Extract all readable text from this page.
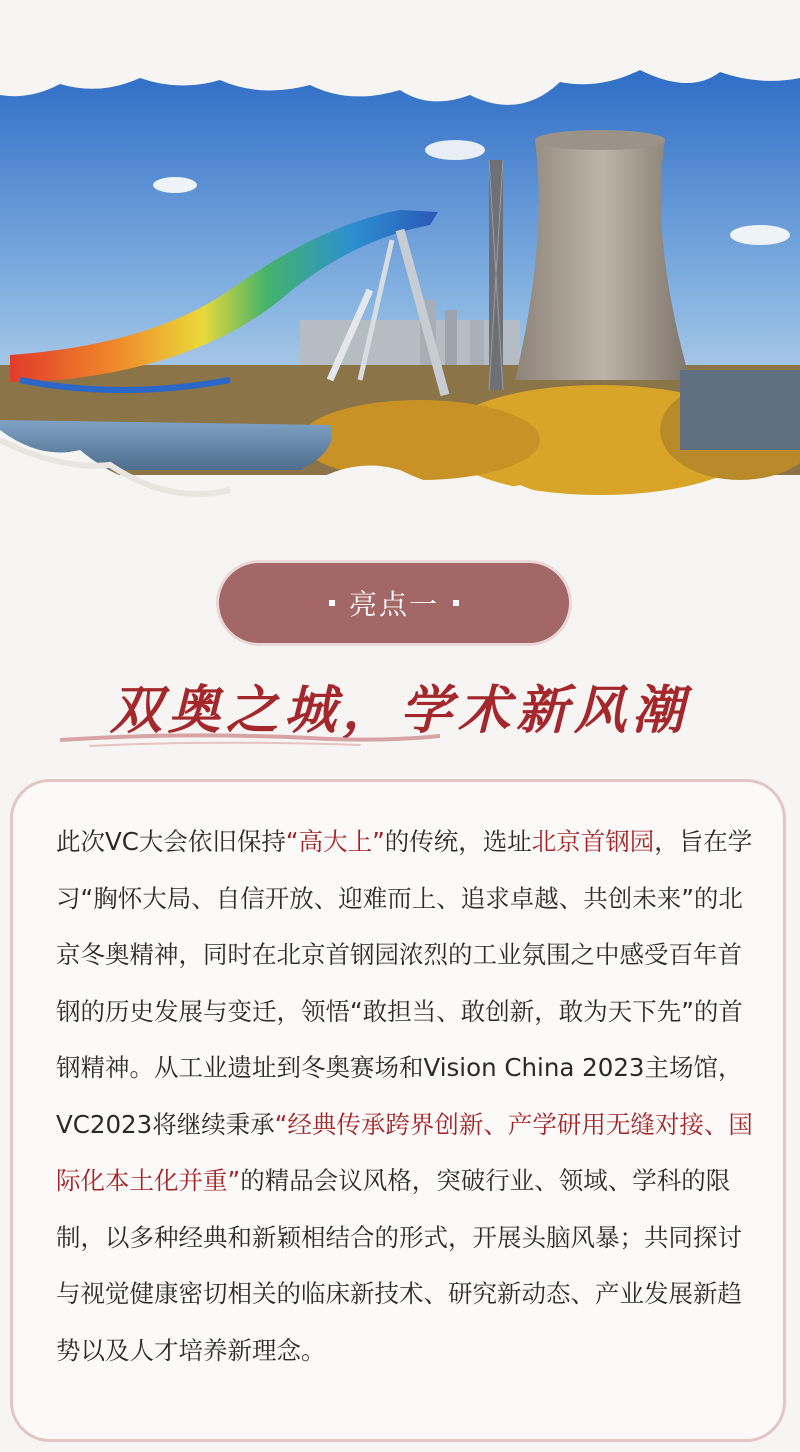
亮点一
双奥之城，学术新风潮
此次VC大会依旧保持“高大上”的传统，选址北京首钢园，旨在学习“胸怀大局、自信开放、迎难而上、追求卓越、共创未来”的北京冬奥精神，同时在北京首钢园浓烈的工业氛围之中感受百年首钢的历史发展与变迁，领悟“敢担当、敢创新，敢为天下先”的首钢精神。从工业遗址到冬奥赛场和Vision China 2023主场馆，VC2023将继续秉承“经典传承跨界创新、产学研用无缝对接、国际化本土化并重”的精品会议风格，突破行业、领域、学科的限制，以多种经典和新颖相结合的形式，开展头脑风暴；共同探讨与视觉健康密切相关的临床新技术、研究新动态、产业发展新趋势以及人才培养新理念。
